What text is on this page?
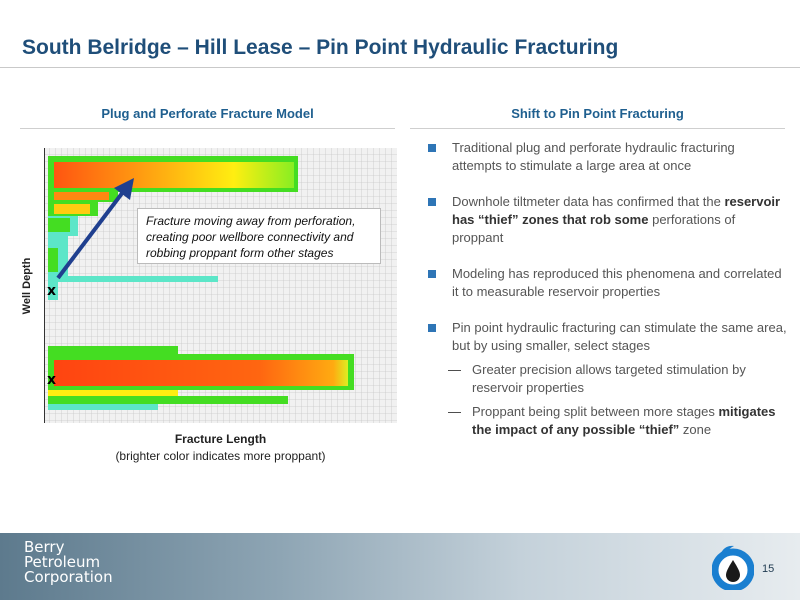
South Belridge – Hill Lease – Pin Point Hydraulic Fracturing
Plug and Perforate Fracture Model	Shift to Pin Point Fracturing
x
x
Fracture moving away from perforation, creating poor wellbore connectivity and robbing proppant form other stages
Well Depth
Fracture Length
(brighter color indicates more proppant)
Traditional plug and perforate hydraulic fracturing attempts to stimulate a large area at once
Downhole tiltmeter data has confirmed that the reservoir has “thief” zones that rob some perforations of proppant
Modeling has reproduced this phenomena and correlated it to measurable reservoir properties
Pin point hydraulic fracturing can stimulate the same area, but by using smaller, select stages
— Greater precision allows targeted stimulation by reservoir properties
— Proppant being split between more stages mitigates the impact of any possible “thief” zone
Berry
Petroleum
Corporation	15
